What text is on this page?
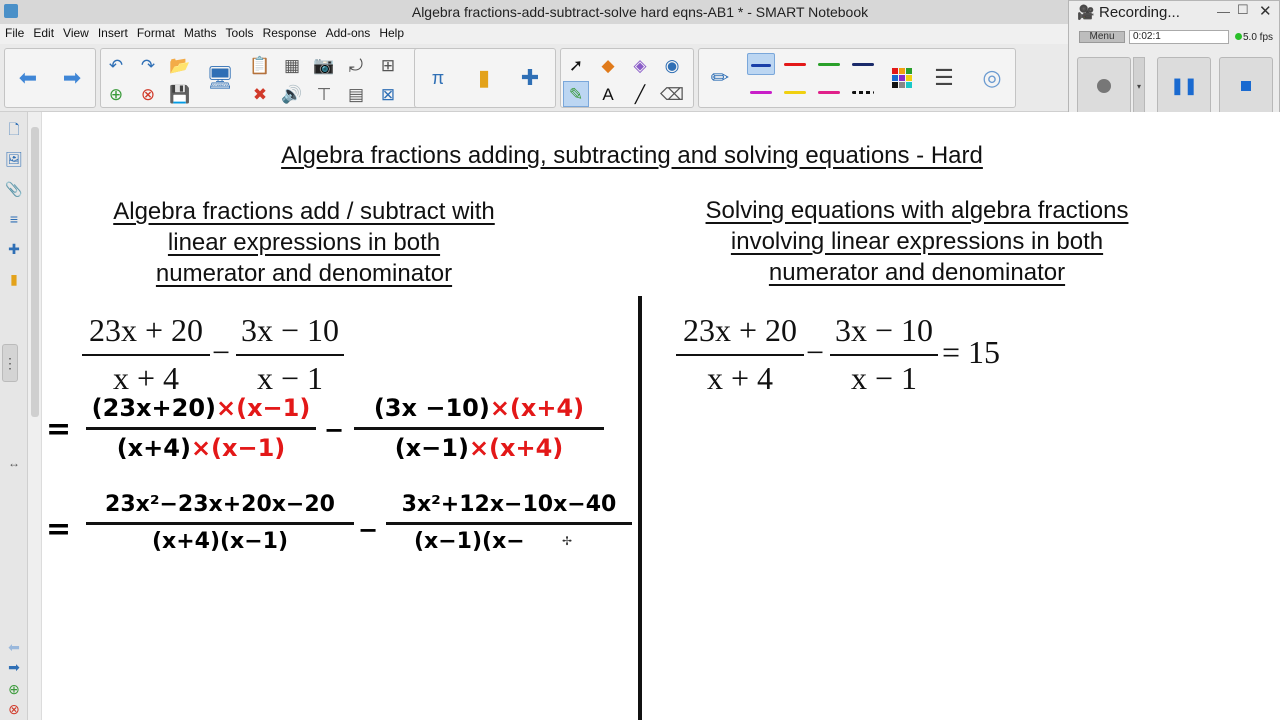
Algebra fractions-add-subtract-solve hard eqns-AB1 * - SMART Notebook
File Edit View Insert Format Maths Tools Response Add-ons Help
⬅	➡	↶	↷ 📂
⊕	⊗ 💾
🖥 📋 ▦ 📷 ⤾	⊞
✖ 🔊 ⊤ ▤ ⊠
π	▮	✚	➚	◆	◈	◉
✎	A	╱ ⌫
✏	☰	◎
🎥 Recording...	— ☐ ✕
Menu	0:02:1	5.0 fps
▾ ❚❚
🗋
🖼
📎
≡
✚
▮
⋮
↔
⬅
➡
⊕
⊗
Algebra fractions adding, subtracting and solving equations - Hard
Algebra fractions add / subtract with
linear expressions in both
numerator and denominator
Solving equations with algebra fractions
involving linear expressions in both
numerator and denominator
23x + 20
x + 4
−
3x − 10
x − 1
23x + 20
x + 4
−
3x − 10
x − 1
= 15
=
(23x+20)×(x−1)
(x+4)×(x−1)
−
(3x −10)×(x+4)
(x−1)×(x+4)
=
23x²−23x+20x−20
(x+4)(x−1)	−
3x²+12x−10x−40
(x−1)(x−	✢
